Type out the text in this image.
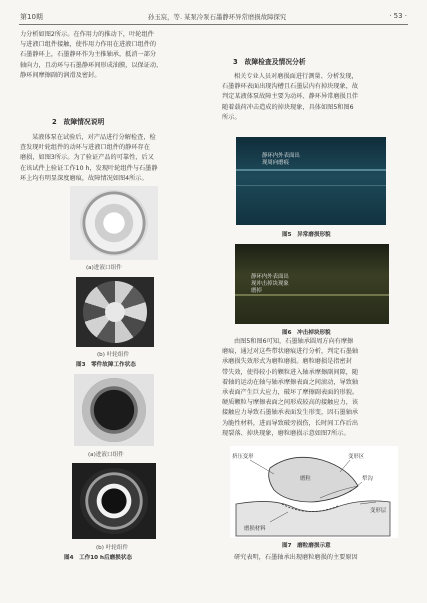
第10期	孙玉宸，等. 某泵冷泵石墨静环异常磨损故障探究	· 53 ·

力分析如图2所示。在作用力的推动下，叶轮组件

与进液口组件接触，使作用力作用在进液口组件的

石墨静环上，石墨静环作为主推轴承，抵消一部分

轴向力，且动环与石墨静环间形成油膜，以保证动、

静环间摩擦副的润滑及密封。

2　故障情况说明

某液体泵在试验后，对产品进行分解检查，检

查发现叶轮组件的动环与进液口组件的静环存在

磨损，如图3所示。为了验证产品的可靠性，后又

在该试件上验证工作10 h，发现叶轮组件与石墨静

环上均有明显深度磨痕，故障情况如图4所示。

(a)进液口组件
(b) 叶轮组件
图3　零件故障工作状态
(a)进液口组件
(b) 叶轮组件
图4　工作10 h后磨损状态

3　故障检查及情况分析

相关专业人员对磨损面进行测量、分析发现，

石墨静环表面出现沟槽且石墨层内有掉块现象，故

判定某液体泵故障主要为动环、静环异常磨损且伴

随着载荷冲击造成的掉块现象，具体如图5和图6

所示。

静环内外表面出
现周向磨痕
图5　异常磨损形貌
静环内外表面出
现冲击掉块现象
磨掉
图6　冲击掉块形貌

由图5和图6可知，石墨轴承圆周方向有摩擦

磨痕，通过对这些带状磨痕进行分析，判定石墨轴

承磨损失效形式为磨粒磨损。磨粒磨损是指密封

带失效，使得较小的颗粒进入轴承摩擦副间隙，随

着轴的运动在轴与轴承摩擦表面之间滚动，导致轴

承表面产生巨大应力，破坏了摩擦副表面的形貌。

硬质颗粒与摩擦表面之间形成较高的接触应力，该

接触应力导致石墨轴承表面发生形变，因石墨轴承

为脆性材料，进而导致破旁损伤，长时间工作后出

现裂落、掉块现象，磨粒磨损示意如图7所示。

挤压变形
磨粒
变形区
犁沟
变形层
磨损材料
图7　磨粒磨损示意

研究表明，石墨轴承出现磨粒磨损的主要原因
